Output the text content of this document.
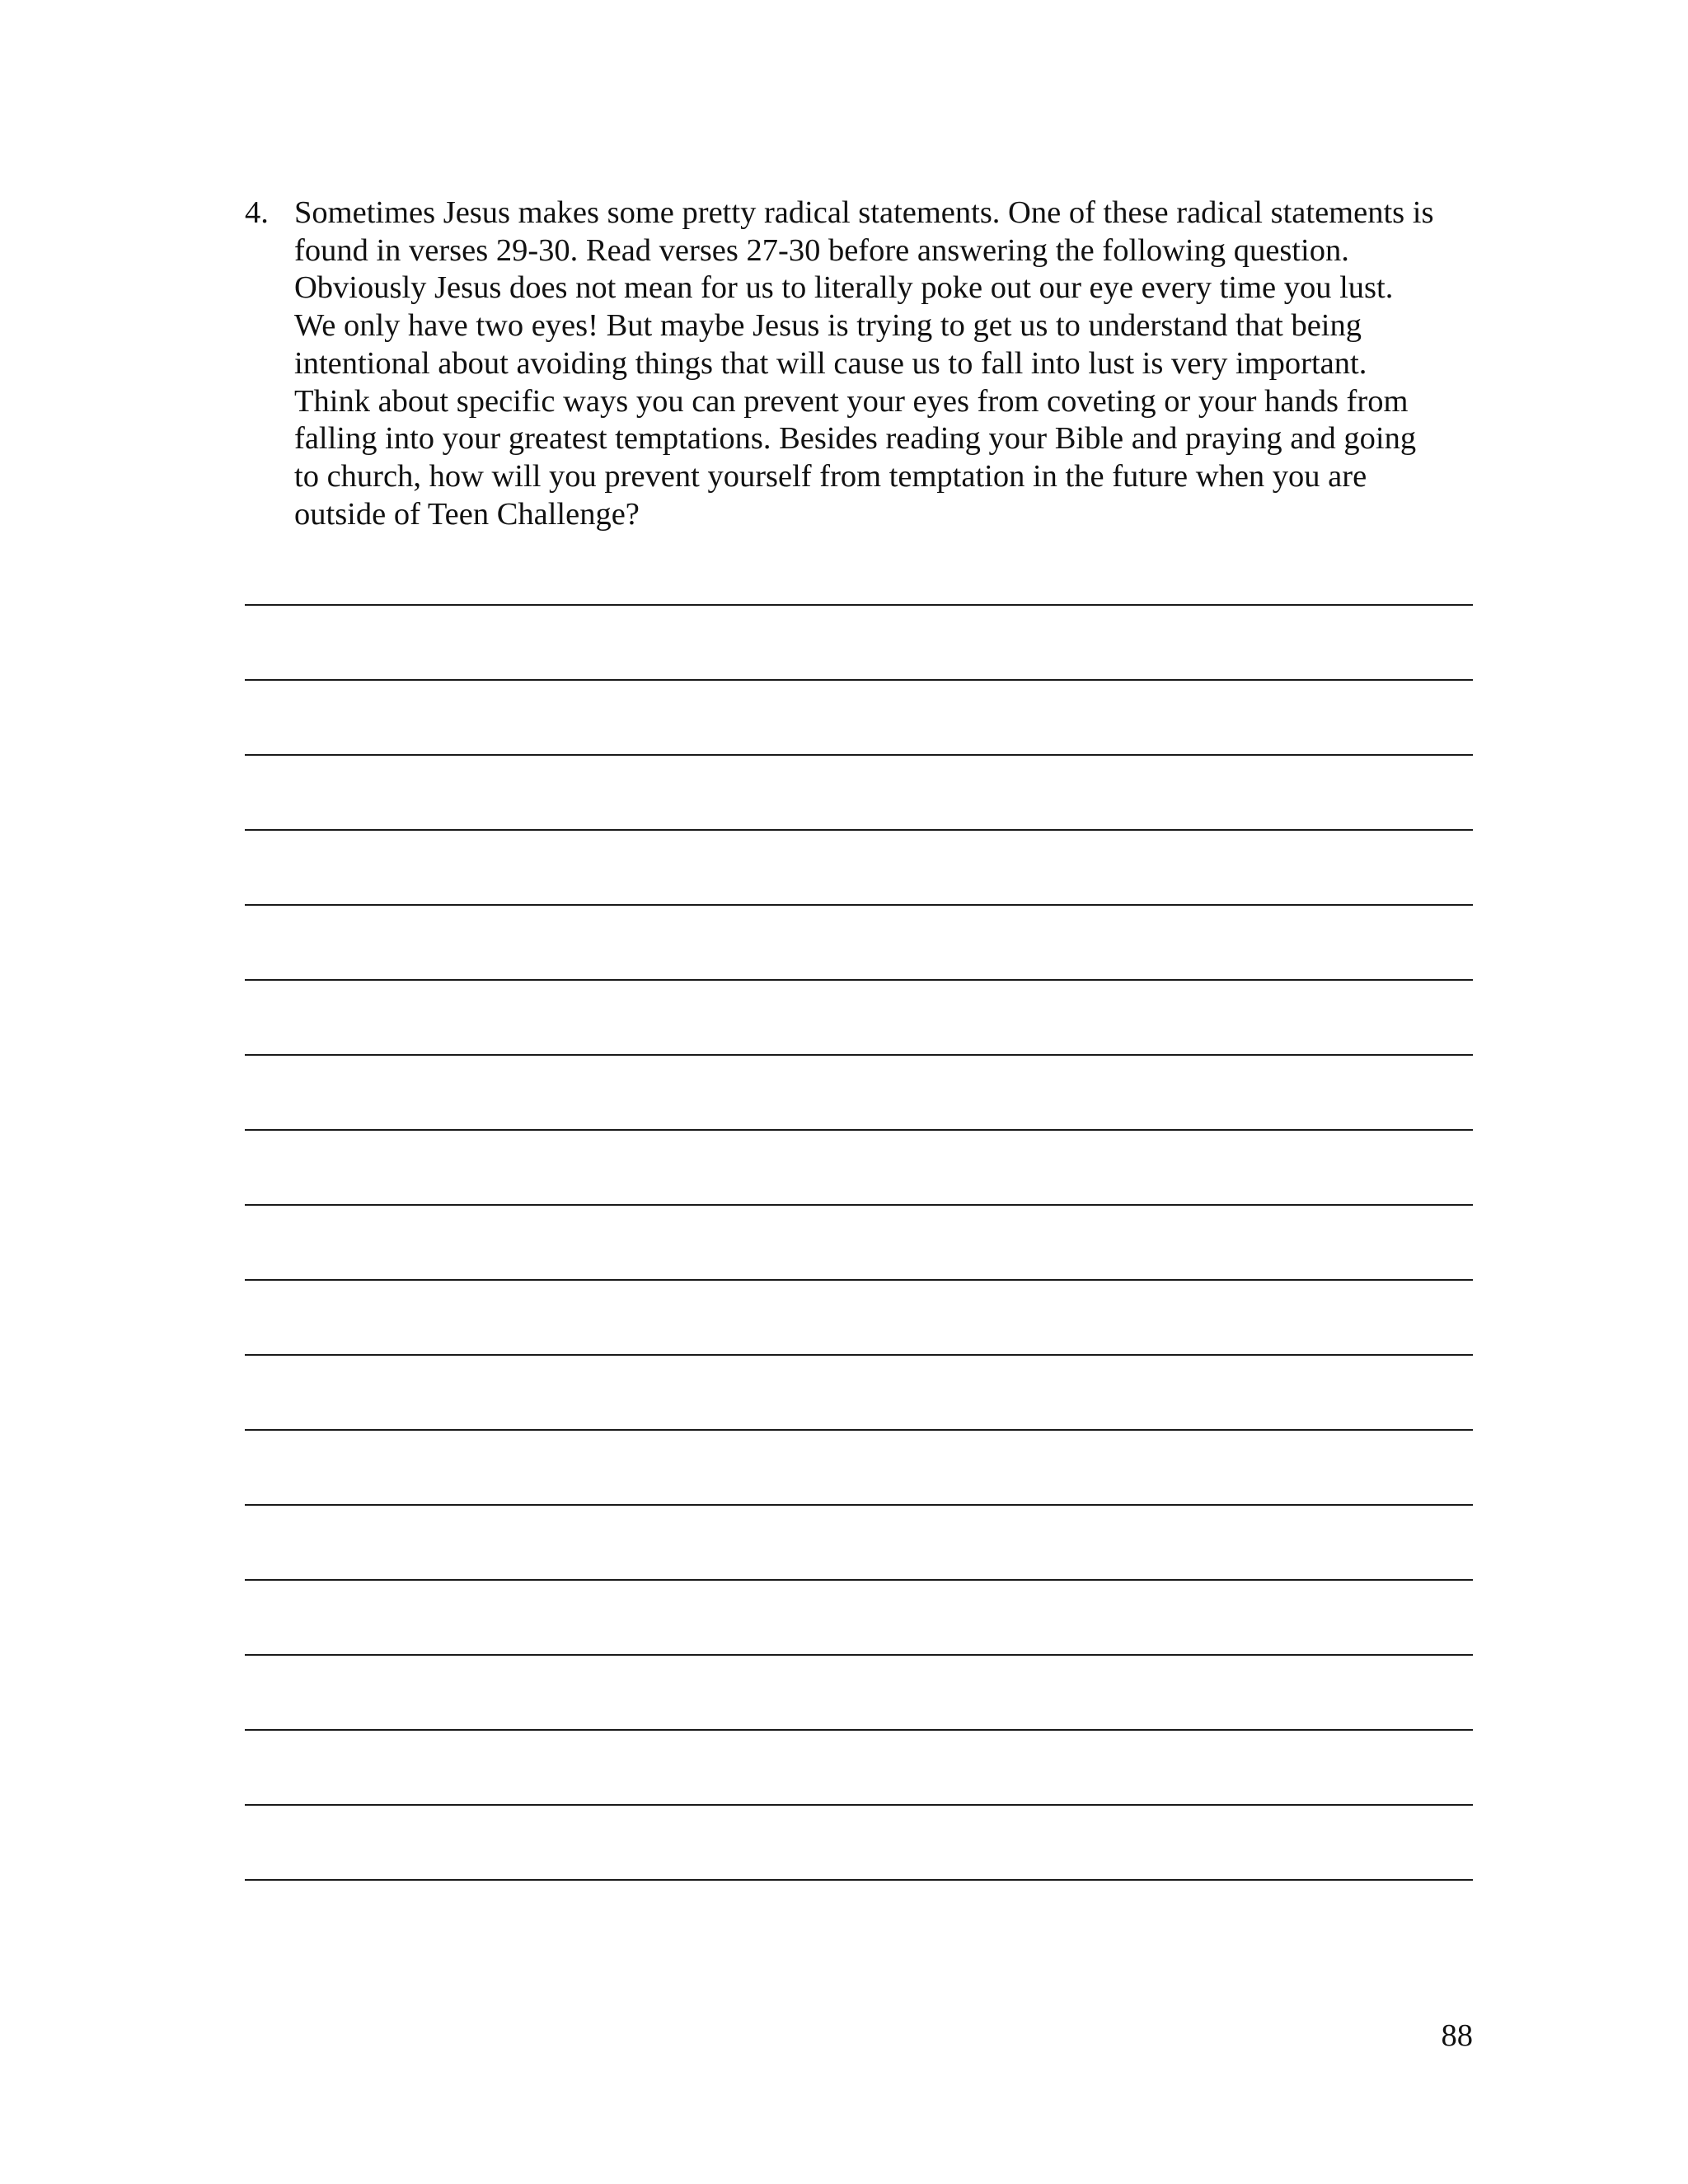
4. Sometimes Jesus makes some pretty radical statements. One of these radical statements is
found in verses 29-30. Read verses 27-30 before answering the following question.
Obviously Jesus does not mean for us to literally poke out our eye every time you lust.
We only have two eyes! But maybe Jesus is trying to get us to understand that being
intentional about avoiding things that will cause us to fall into lust is very important.
Think about specific ways you can prevent your eyes from coveting or your hands from
falling into your greatest temptations. Besides reading your Bible and praying and going
to church, how will you prevent yourself from temptation in the future when you are
outside of Teen Challenge?
88
